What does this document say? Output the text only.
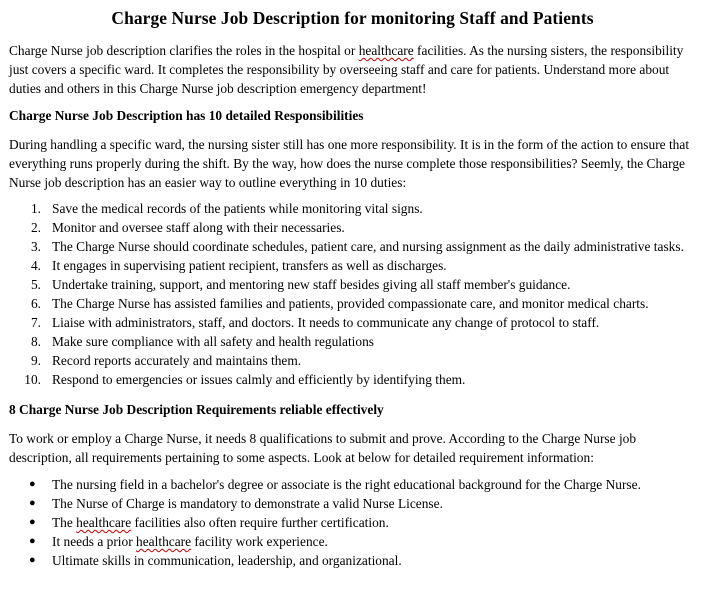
Charge Nurse Job Description for monitoring Staff and Patients

Charge Nurse job description clarifies the roles in the hospital or healthcare facilities. As the nursing sisters, the responsibility just covers a specific ward. It completes the responsibility by overseeing staff and care for patients. Understand more about duties and others in this Charge Nurse job description emergency department!

Charge Nurse Job Description has 10 detailed Responsibilities

During handling a specific ward, the nursing sister still has one more responsibility. It is in the form of the action to ensure that everything runs properly during the shift. By the way, how does the nurse complete those responsibilities? Seemly, the Charge Nurse job description has an easier way to outline everything in 10 duties:

1. Save the medical records of the patients while monitoring vital signs.
2. Monitor and oversee staff along with their necessaries.
3. The Charge Nurse should coordinate schedules, patient care, and nursing assignment as the daily administrative tasks.
4. It engages in supervising patient recipient, transfers as well as discharges.
5. Undertake training, support, and mentoring new staff besides giving all staff member's guidance.
6. The Charge Nurse has assisted families and patients, provided compassionate care, and monitor medical charts.
7. Liaise with administrators, staff, and doctors. It needs to communicate any change of protocol to staff.
8. Make sure compliance with all safety and health regulations
9. Record reports accurately and maintains them.
10. Respond to emergencies or issues calmly and efficiently by identifying them.
8 Charge Nurse Job Description Requirements reliable effectively

To work or employ a Charge Nurse, it needs 8 qualifications to submit and prove. According to the Charge Nurse job description, all requirements pertaining to some aspects. Look at below for detailed requirement information:

● The nursing field in a bachelor's degree or associate is the right educational background for the Charge Nurse.
● The Nurse of Charge is mandatory to demonstrate a valid Nurse License.
● The healthcare facilities also often require further certification.
● It needs a prior healthcare facility work experience.
● Ultimate skills in communication, leadership, and organizational.
